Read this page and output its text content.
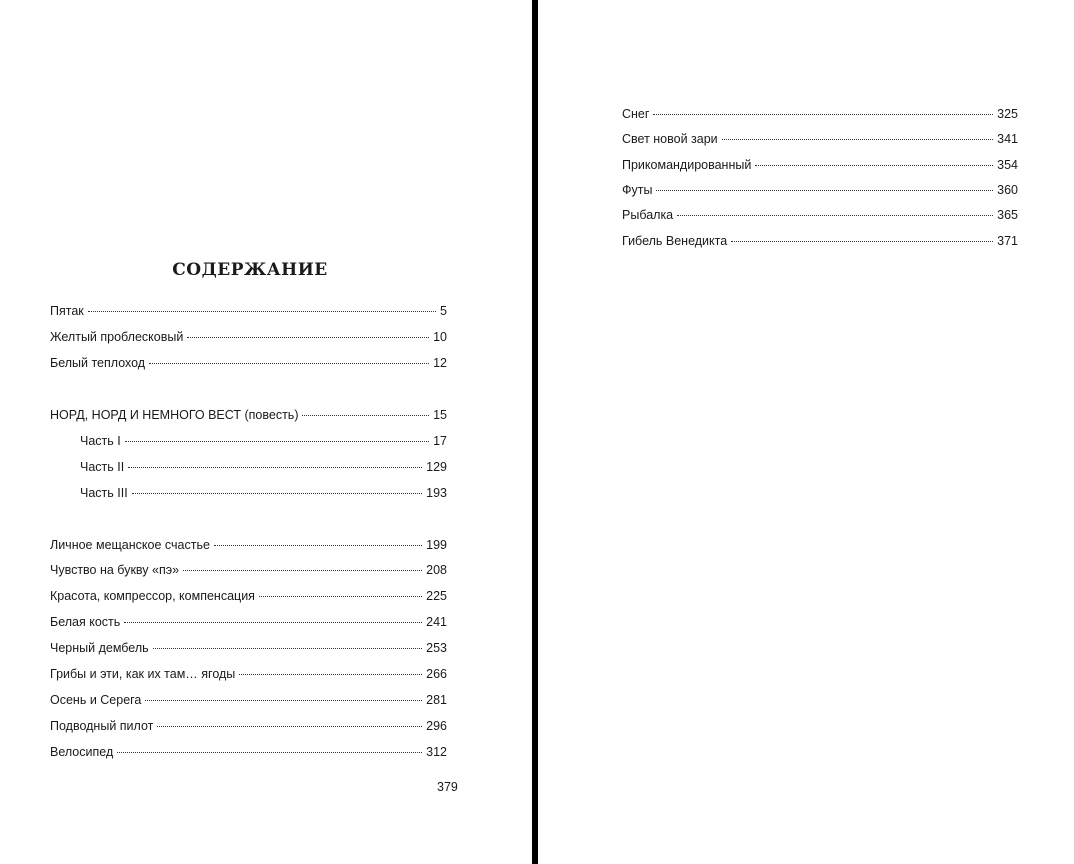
СОДЕРЖАНИЕ
Пятак	5
Желтый проблесковый	10
Белый теплоход	12
НОРД, НОРД И НЕМНОГО ВЕСТ (повесть)	15
Часть I	17
Часть II	129
Часть III	193
Личное мещанское счастье	199
Чувство на букву «пэ»	208
Красота, компрессор, компенсация	225
Белая кость	241
Черный дембель	253
Грибы и эти, как их там… ягоды	266
Осень и Серега	281
Подводный пилот	296
Велосипед	312
379
Снег	325
Свет новой зари	341
Прикомандированный	354
Футы	360
Рыбалка	365
Гибель Венедикта	371
